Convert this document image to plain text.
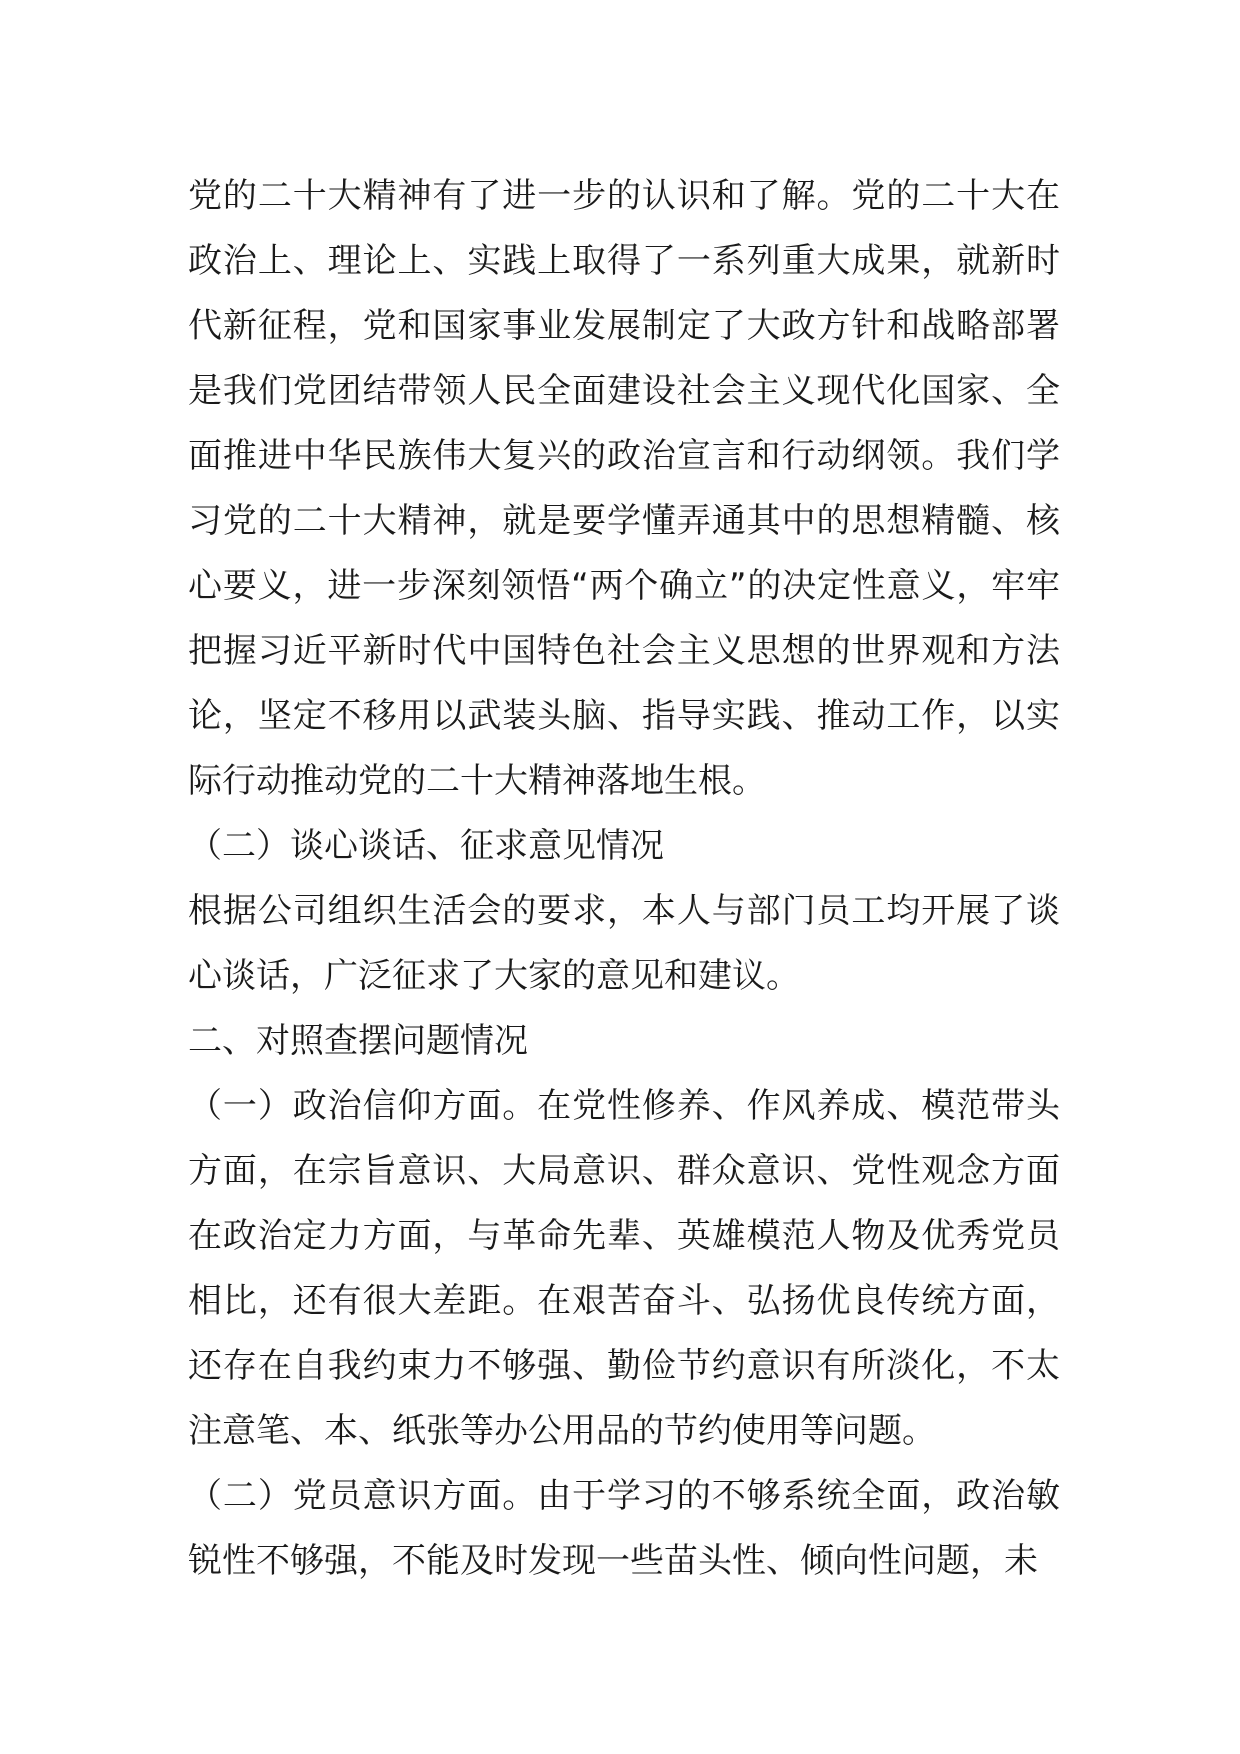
党的二十大精神有了进一步的认识和了解。党的二十大在政治上、理论上、实践上取得了一系列重大成果，就新时代新征程，党和国家事业发展制定了大政方针和战略部署是我们党团结带领人民全面建设社会主义现代化国家、全面推进中华民族伟大复兴的政治宣言和行动纲领。我们学习党的二十大精神，就是要学懂弄通其中的思想精髓、核心要义，进一步深刻领悟“两个确立”的决定性意义，牢牢把握习近平新时代中国特色社会主义思想的世界观和方法论，坚定不移用以武装头脑、指导实践、推动工作，以实际行动推动党的二十大精神落地生根。

（二）谈心谈话、征求意见情况

根据公司组织生活会的要求，本人与部门员工均开展了谈心谈话，广泛征求了大家的意见和建议。

二、对照查摆问题情况

（一）政治信仰方面。在党性修养、作风养成、模范带头方面，在宗旨意识、大局意识、群众意识、党性观念方面在政治定力方面，与革命先辈、英雄模范人物及优秀党员相比，还有很大差距。在艰苦奋斗、弘扬优良传统方面，还存在自我约束力不够强、勤俭节约意识有所淡化，不太注意笔、本、纸张等办公用品的节约使用等问题。

（二）党员意识方面。由于学习的不够系统全面，政治敏锐性不够强，不能及时发现一些苗头性、倾向性问题，未
